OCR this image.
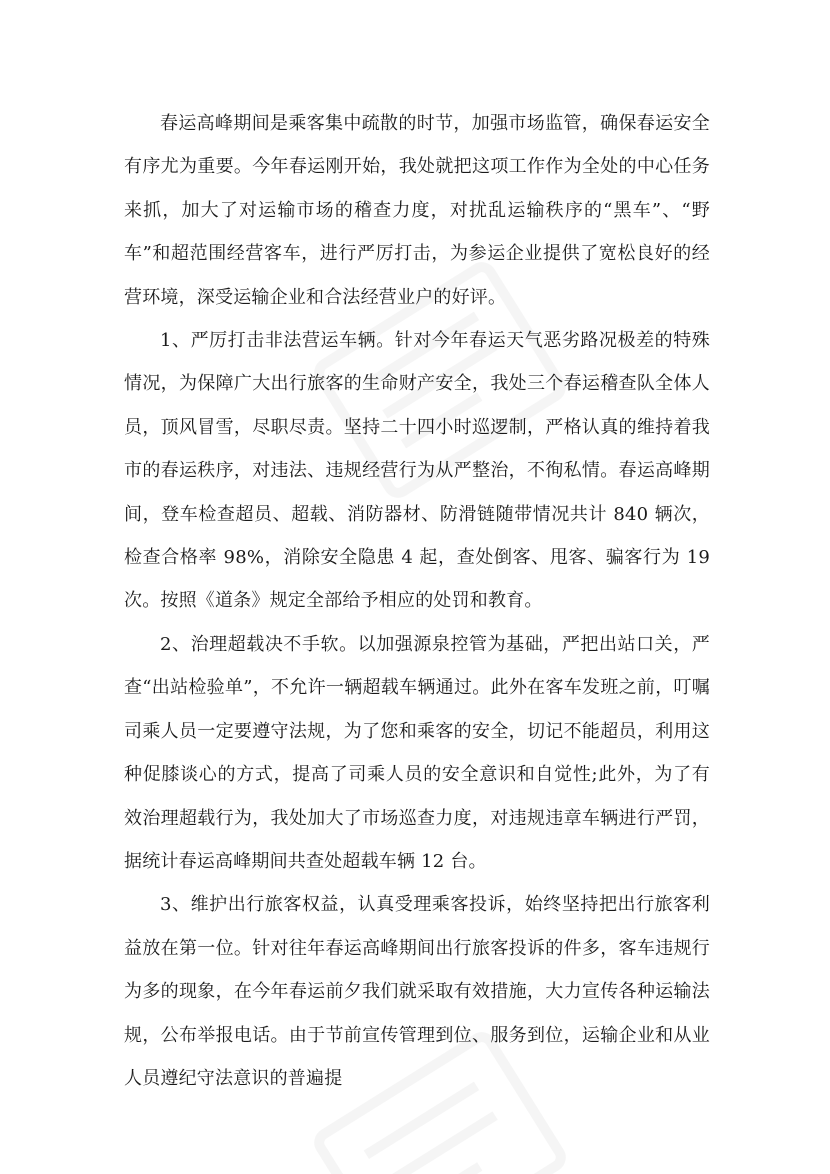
春运高峰期间是乘客集中疏散的时节，加强市场监管，确保春运安全有序尤为重要。今年春运刚开始，我处就把这项工作作为全处的中心任务来抓，加大了对运输市场的稽查力度，对扰乱运输秩序的“黑车”、“野车”和超范围经营客车，进行严厉打击，为参运企业提供了宽松良好的经营环境，深受运输企业和合法经营业户的好评。

1、严厉打击非法营运车辆。针对今年春运天气恶劣路况极差的特殊情况，为保障广大出行旅客的生命财产安全，我处三个春运稽查队全体人员，顶风冒雪，尽职尽责。坚持二十四小时巡逻制，严格认真的维持着我市的春运秩序，对违法、违规经营行为从严整治，不徇私情。春运高峰期间，登车检查超员、超载、消防器材、防滑链随带情况共计 840 辆次，检查合格率 98%，消除安全隐患 4 起，查处倒客、甩客、骗客行为 19 次。按照《道条》规定全部给予相应的处罚和教育。

2、治理超载决不手软。以加强源泉控管为基础，严把出站口关，严查“出站检验单”，不允许一辆超载车辆通过。此外在客车发班之前，叮嘱司乘人员一定要遵守法规，为了您和乘客的安全，切记不能超员，利用这种促膝谈心的方式，提高了司乘人员的安全意识和自觉性;此外，为了有效治理超载行为，我处加大了市场巡查力度，对违规违章车辆进行严罚，据统计春运高峰期间共查处超载车辆 12 台。

3、维护出行旅客权益，认真受理乘客投诉，始终坚持把出行旅客利益放在第一位。针对往年春运高峰期间出行旅客投诉的件多，客车违规行为多的现象，在今年春运前夕我们就采取有效措施，大力宣传各种运输法规，公布举报电话。由于节前宣传管理到位、服务到位，运输企业和从业人员遵纪守法意识的普遍提
